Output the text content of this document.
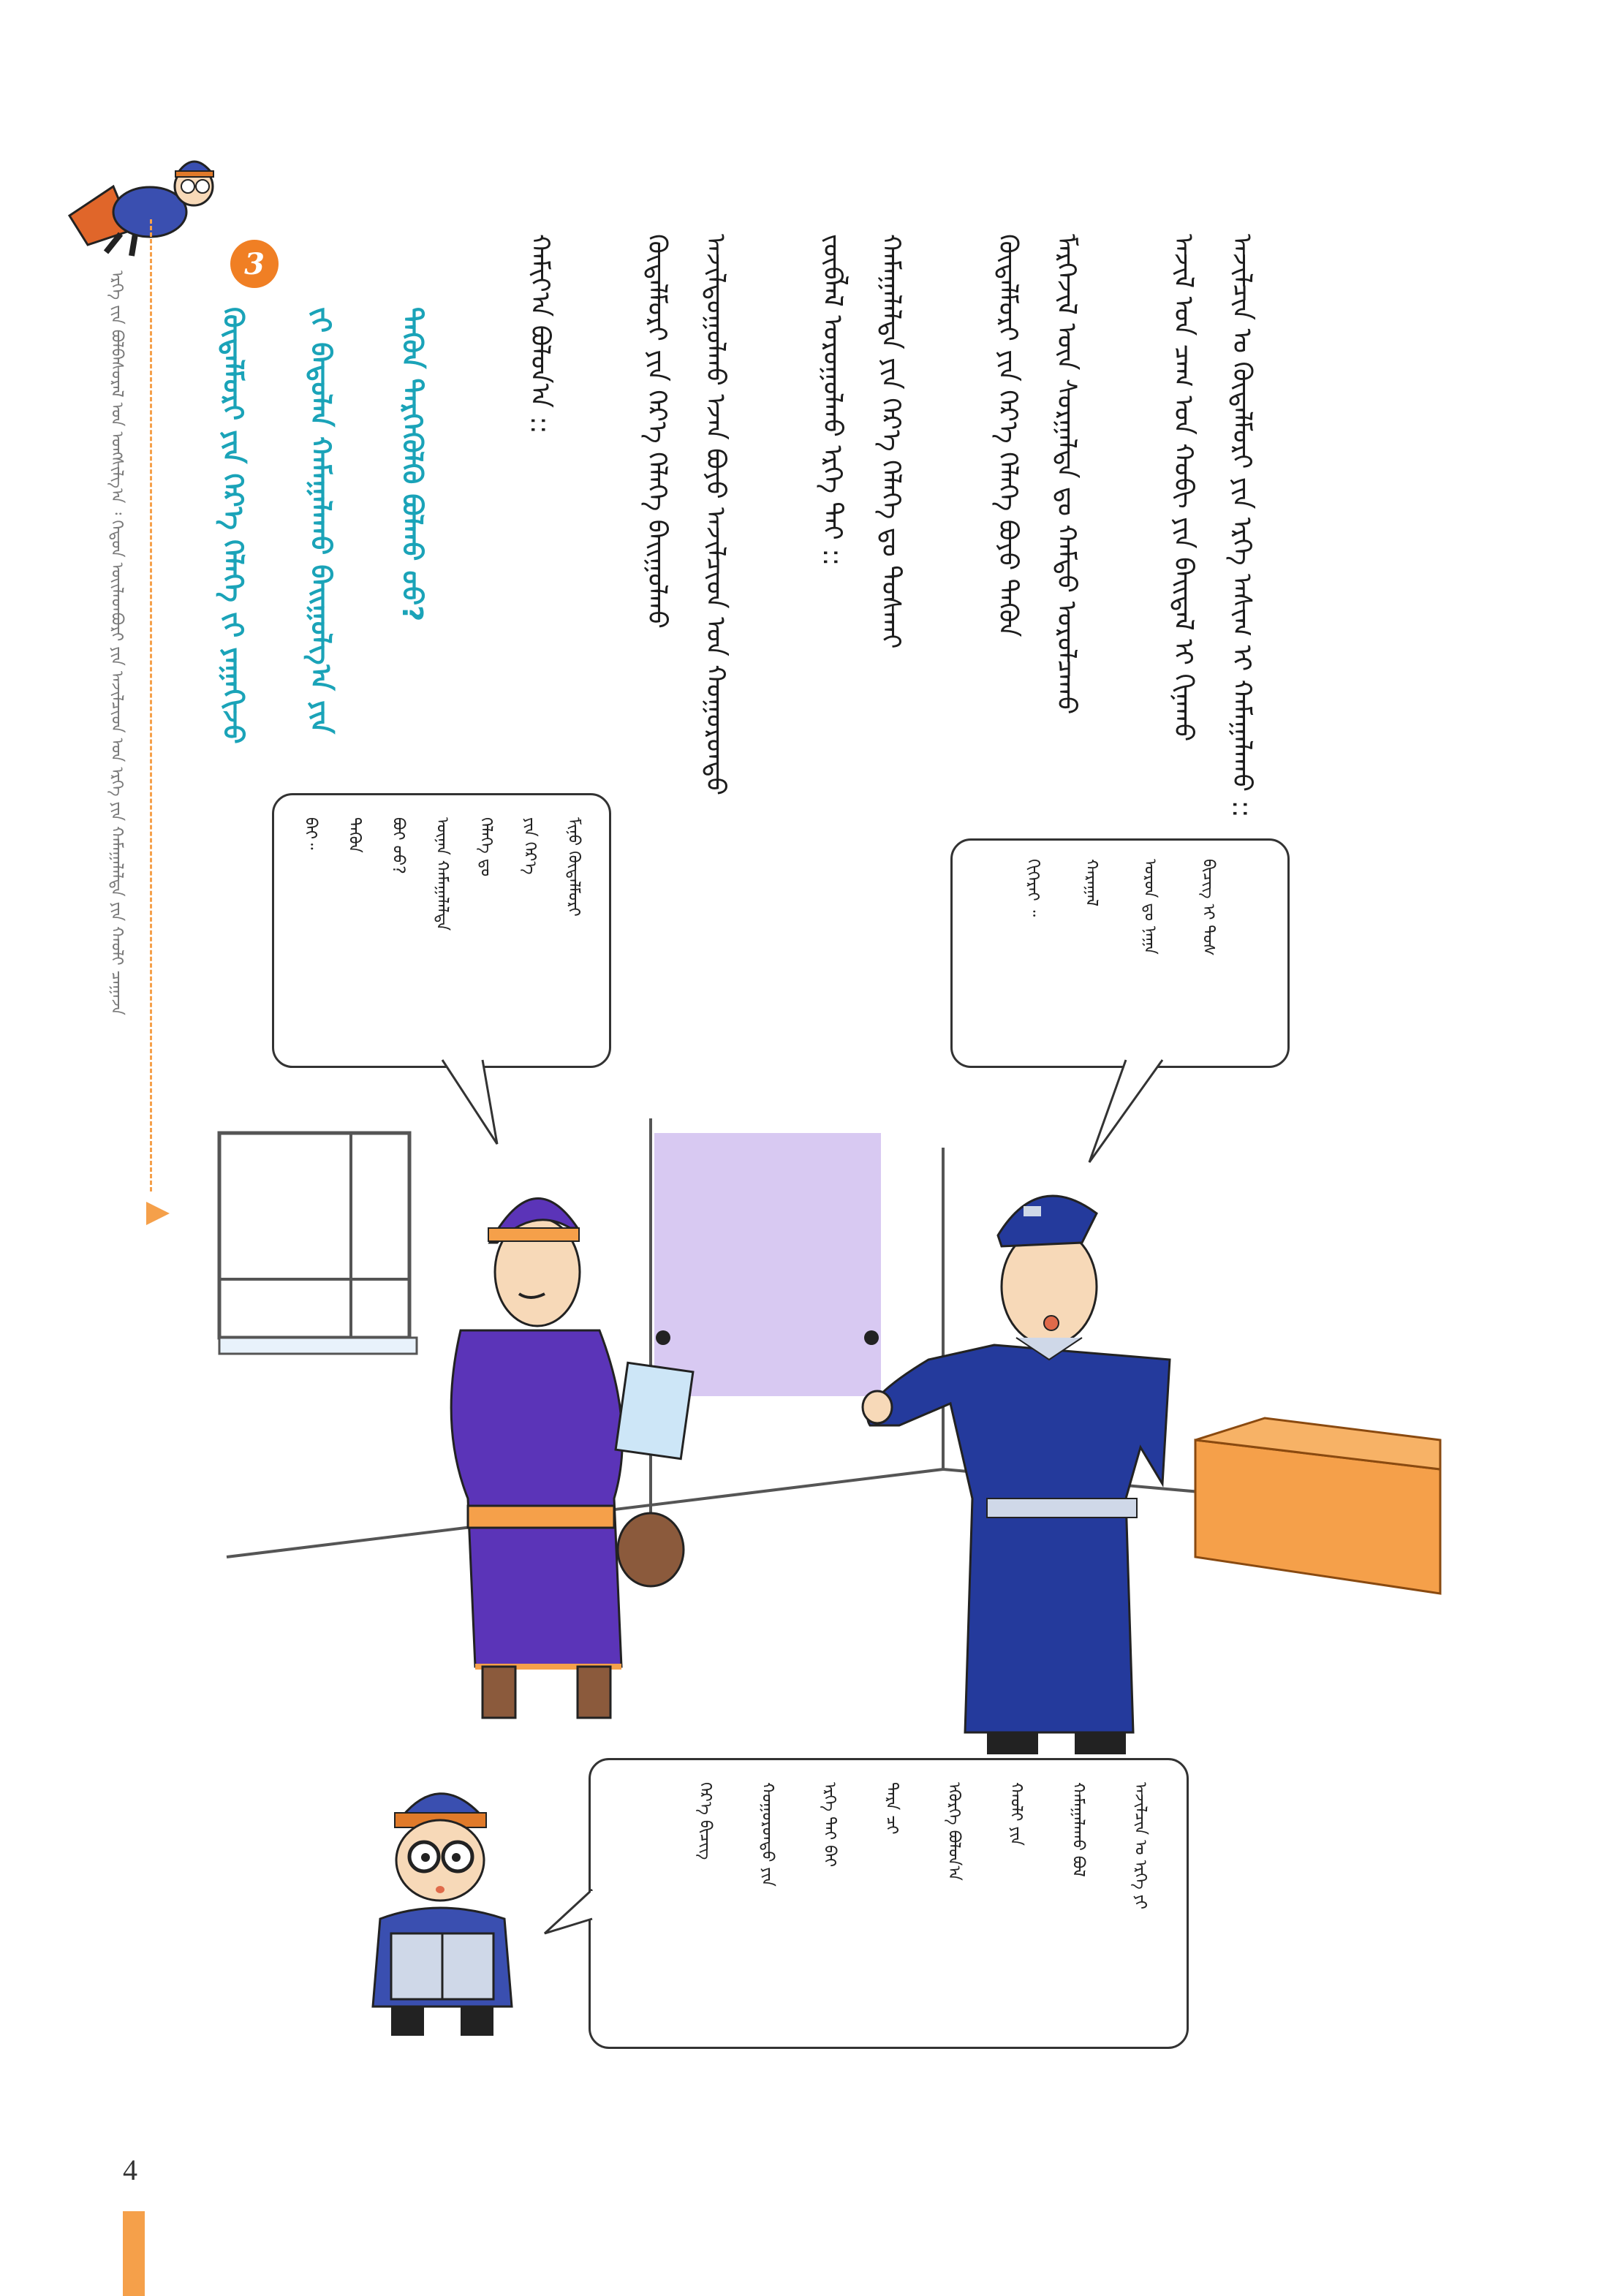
ᠡᠷᠬᠡ ᠵᠢᠨ ᠪᠣᠯᠪᠠᠰᠤᠷᠠᠯ ᠤᠨ ᠤᠩᠰᠢᠯᠭ᠎ᠠ ᠄ ᠬᠡᠳᠦᠨ ᠦᠢᠯᠡᠳᠪᠦᠷᠢ ᠶᠢᠨ ᠠᠵᠢᠯᠴᠢᠳ ᠤᠨ ᠡᠷᠬᠡ ᠶᠢᠨ ᠬᠠᠮᠠᠭᠠᠯᠠᠯᠲᠠ ᠶᠢᠨ ᠬᠠᠤᠯᠢ ᠴᠠᠭᠠᠵᠠ
3
ᠬᠥᠳᠡᠯᠮᠦᠷᠢ ᠶᠢᠨ ᠭᠡᠷ᠎ᠡ ᠬᠡᠯᠡᠬᠡ ᠵᠢ ᠶᠠᠭᠠᠬᠢᠵᠤ ᠵᠢ ᠪᠠᠲᠤᠯᠠᠨ ᠬᠠᠮᠠᠭᠠᠯᠠᠬᠤ ᠪᠠᠢᠭᠤᠯᠭ᠎ᠠ ᠶᠢᠨ ᠲᠡᠭᠦᠨ ᠲᠡᠷᠭᠡᠭᠦᠯᠬᠦ ᠪᠣᠯᠬᠤ ᠤᠤ?	ᠠᠵᠢᠯᠴᠢᠨ ᠤ ᠬᠥᠳᠡᠯᠮᠦᠷᠢ ᠶᠢᠨ ᠡᠷᠬᠡ ᠠᠰᠢᠭ ᠢ ᠬᠠᠮᠠᠭᠠᠯᠠᠬᠤ ::
ᠠᠵᠢᠯ ᠤᠨ ᠴᠠᠭ ᠤᠨ ᠬᠤᠪᠢ ᠶᠢᠨ ᠪᠠᠢᠳᠠᠯ ᠢ ᠬᠢᠨᠠᠬᠤ
ᠮᠡᠷᠭᠡᠵᠢᠯ ᠦᠨ ᠰᠤᠷᠭᠠᠯᠲᠠ ᠳᠤ ᠬᠠᠮᠲᠤ ᠣᠷᠣᠯᠴᠠᠬᠤ
ᠬᠥᠳᠡᠯᠮᠦᠷᠢ ᠶᠢᠨ ᠭᠡᠷ᠎ᠡ ᠬᠡᠯᠡᠬᠡ ᠪᠤᠶᠤ ᠲᠡᠭᠦᠨ
ᠬᠠᠮᠠᠭᠠᠯᠠᠯᠲᠠ ᠶᠢᠨ ᠭᠡᠷ᠎ᠡ ᠬᠡᠯᠡᠬᠡ ᠳᠤ ᠲᠤᠰᠬᠠᠢ
ᠵᠥᠪᠯᠡᠯ ᠣᠷᠣᠭᠤᠯᠬᠤ ᠡᠷᠬᠡ ᠲᠠᠢ ::
ᠠᠵᠢᠯᠳᠤᠭᠤᠯᠬᠤ ᠡᠵᠡᠨ ᠪᠤᠶᠤ ᠠᠵᠢᠯᠴᠢᠳ ᠤᠨ ᠬᠣᠭᠣᠷᠤᠨᠳᠤ
ᠬᠥᠳᠡᠯᠮᠦᠷᠢ ᠶᠢᠨ ᠭᠡᠷ᠎ᠡ ᠬᠡᠯᠡᠬᠡ ᠪᠠᠢᠭᠤᠯᠬᠤ
ᠬᠠᠮᠢᠶ᠎ᠠ ᠪᠣᠯᠤᠨ᠎ᠠ ::
ᠮᠢᠨᠤ ᠬᠥᠳᠡᠯᠮᠦᠷᠢ
ᠶᠢᠨ ᠭᠡᠷ᠎ᠡ
ᠬᠡᠯᠡᠬᠡ ᠳᠤ
ᠦᠨᠡᠨ ᠬᠠᠮᠠᠭᠠᠯᠠᠯᠲᠠ
ᠪᠤᠢ ᠤᠤ?
ᠲᠡᠭᠦᠨ
ᠪᠠᠢ᠃
ᠪᠢᠴᠢᠭ ᠢ ᠲᠤᠰ
ᠣᠷᠣᠨ ᠳᠤ ᠨᠠᠭᠠ
ᠬᠠᠷᠠᠭᠠᠯ
ᠬᠢᠭᠡᠷᠡᠢ ᠃
ᠠᠵᠢᠯᠴᠢᠨ ᠤ ᠡᠷᠬᠡ ᠶᠢ
ᠬᠠᠮᠠᠭᠠᠯᠠᠬᠤ ᠪᠣᠯ
ᠬᠠᠤᠯᠢ ᠶᠢᠨ
ᠡᠭᠦᠷᠭᠡ ᠪᠤᠯᠤᠨ᠎ᠠ
ᠲᠡᠷᠡ ᠴᠢ
ᠡᠷᠬᠡ ᠲᠠᠢ ᠪᠠᠢ
ᠬᠣᠭᠣᠷᠤᠨᠳᠤ ᠶᠢᠨ
ᠭᠡᠷ᠎ᠡ ᠪᠢᠴᠢᠭ
4
